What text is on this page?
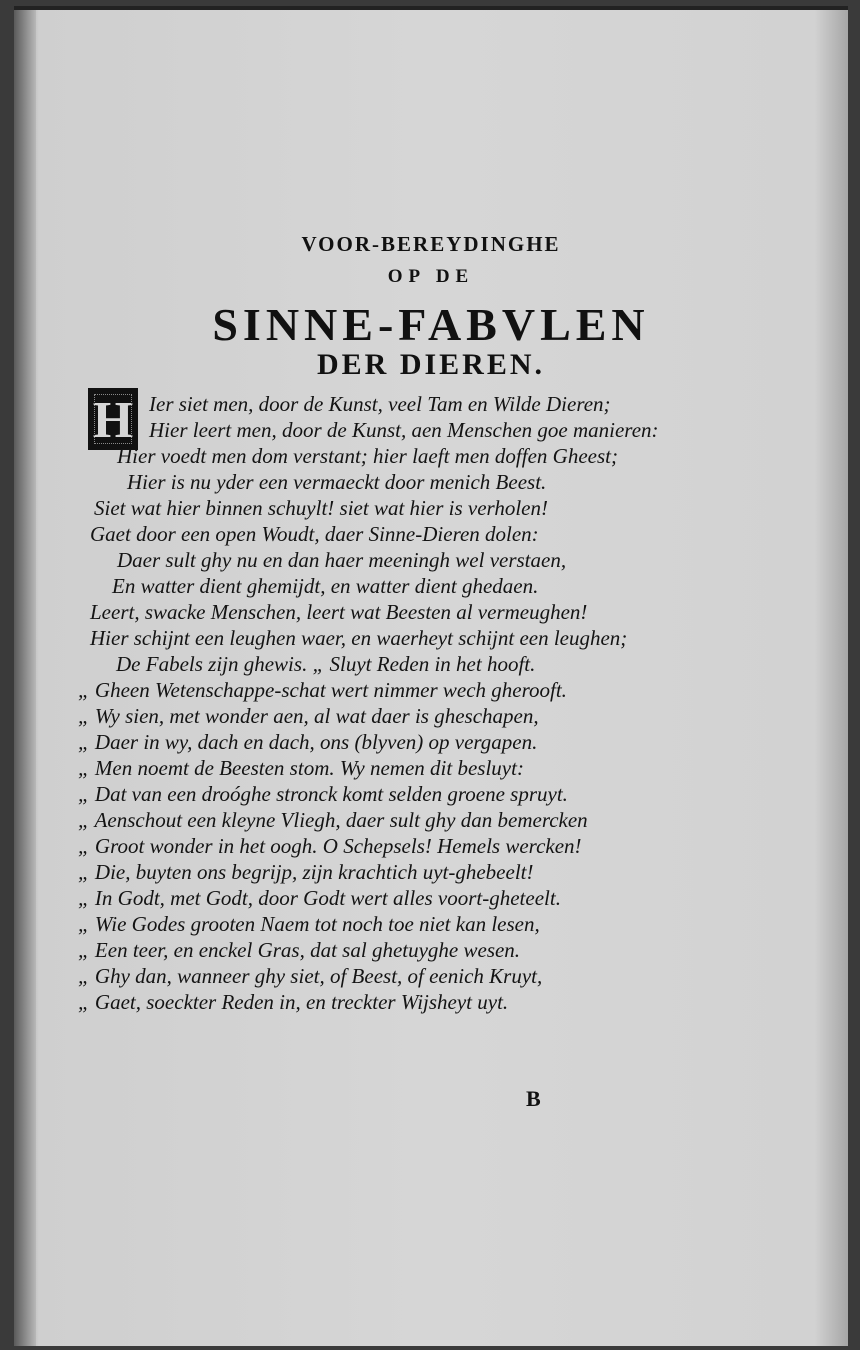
VOOR-BEREYDINGHE
OP DE
SINNE-FABVLEN
DER DIEREN.
H Ier siet men, door de Kunst, veel Tam en Wilde Dieren;
Hier leert men, door de Kunst, aen Menschen goe manieren:
Hier voedt men dom verstant; hier laeft men doffen Gheest;
Hier is nu yder een vermaeckt door menich Beest.
Siet wat hier binnen schuylt! siet wat hier is verholen!
Gaet door een open Woudt, daer Sinne-Dieren dolen:
Daer sult ghy nu en dan haer meeningh wel verstaen,
En watter dient ghemijdt, en watter dient ghedaen.
Leert, swacke Menschen, leert wat Beesten al vermeughen!
Hier schijnt een leughen waer, en waerheyt schijnt een leughen;
De Fabels zijn ghewis. „ Sluyt Reden in het hooft.
„ Gheen Wetenschappe-schat wert nimmer wech gherooft.
„ Wy sien, met wonder aen, al wat daer is gheschapen,
„ Daer in wy, dach en dach, ons (blyven) op vergapen.
„ Men noemt de Beesten stom. Wy nemen dit besluyt:
„ Dat van een droóghe stronck komt selden groene spruyt.
„ Aenschout een kleyne Vliegh, daer sult ghy dan bemercken
„ Groot wonder in het oogh. O Schepsels! Hemels wercken!
„ Die, buyten ons begrijp, zijn krachtich uyt-ghebeelt!
„ In Godt, met Godt, door Godt wert alles voort-gheteelt.
„ Wie Godes grooten Naem tot noch toe niet kan lesen,
„ Een teer, en enckel Gras, dat sal ghetuyghe wesen.
„ Ghy dan, wanneer ghy siet, of Beest, of eenich Kruyt,
„ Gaet, soeckter Reden in, en treckter Wijsheyt uyt.
B
